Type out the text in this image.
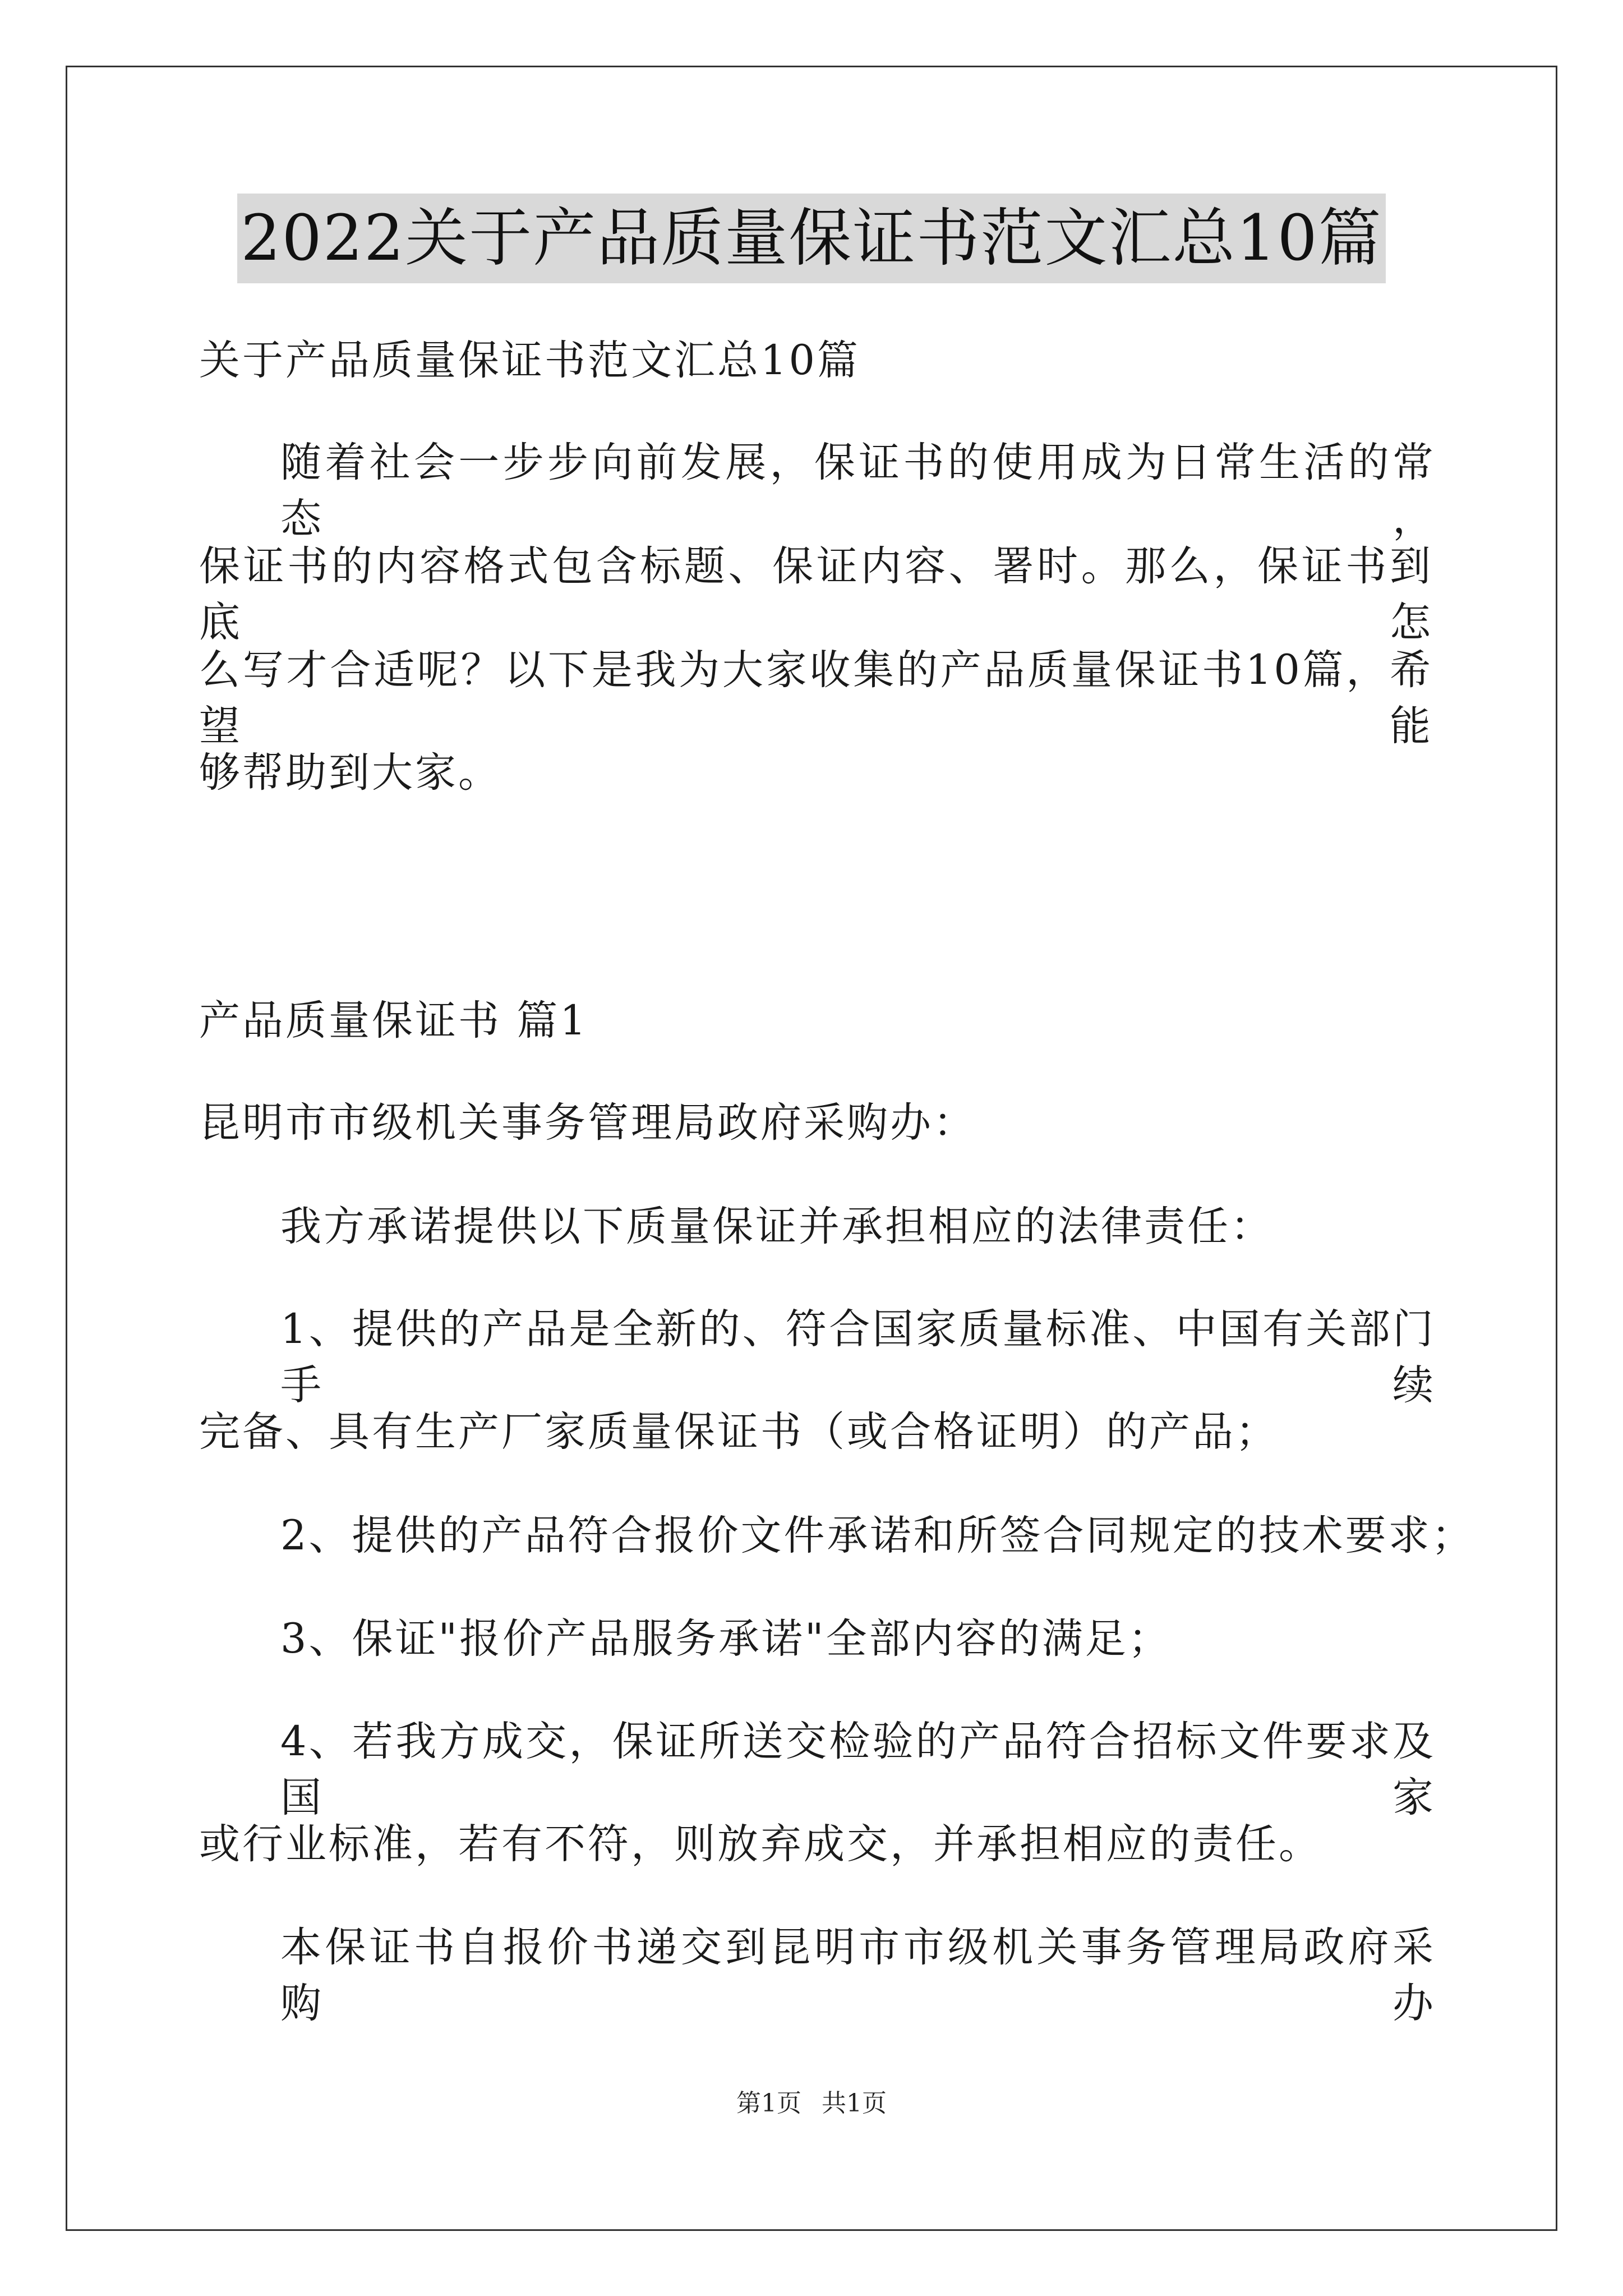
2022关于产品质量保证书范文汇总10篇
关于产品质量保证书范文汇总10篇
随着社会一步步向前发展，保证书的使用成为日常生活的常态，
保证书的内容格式包含标题、保证内容、署时。那么，保证书到底怎
么写才合适呢？以下是我为大家收集的产品质量保证书10篇，希望能
够帮助到大家。
产品质量保证书 篇1
昆明市市级机关事务管理局政府采购办：
我方承诺提供以下质量保证并承担相应的法律责任：
1、提供的产品是全新的、符合国家质量标准、中国有关部门手续
完备、具有生产厂家质量保证书（或合格证明）的产品；
2、提供的产品符合报价文件承诺和所签合同规定的技术要求；
3、保证"报价产品服务承诺"全部内容的满足；
4、若我方成交，保证所送交检验的产品符合招标文件要求及国家
或行业标准，若有不符，则放弃成交，并承担相应的责任。
本保证书自报价书递交到昆明市市级机关事务管理局政府采购办
第1页 共1页
